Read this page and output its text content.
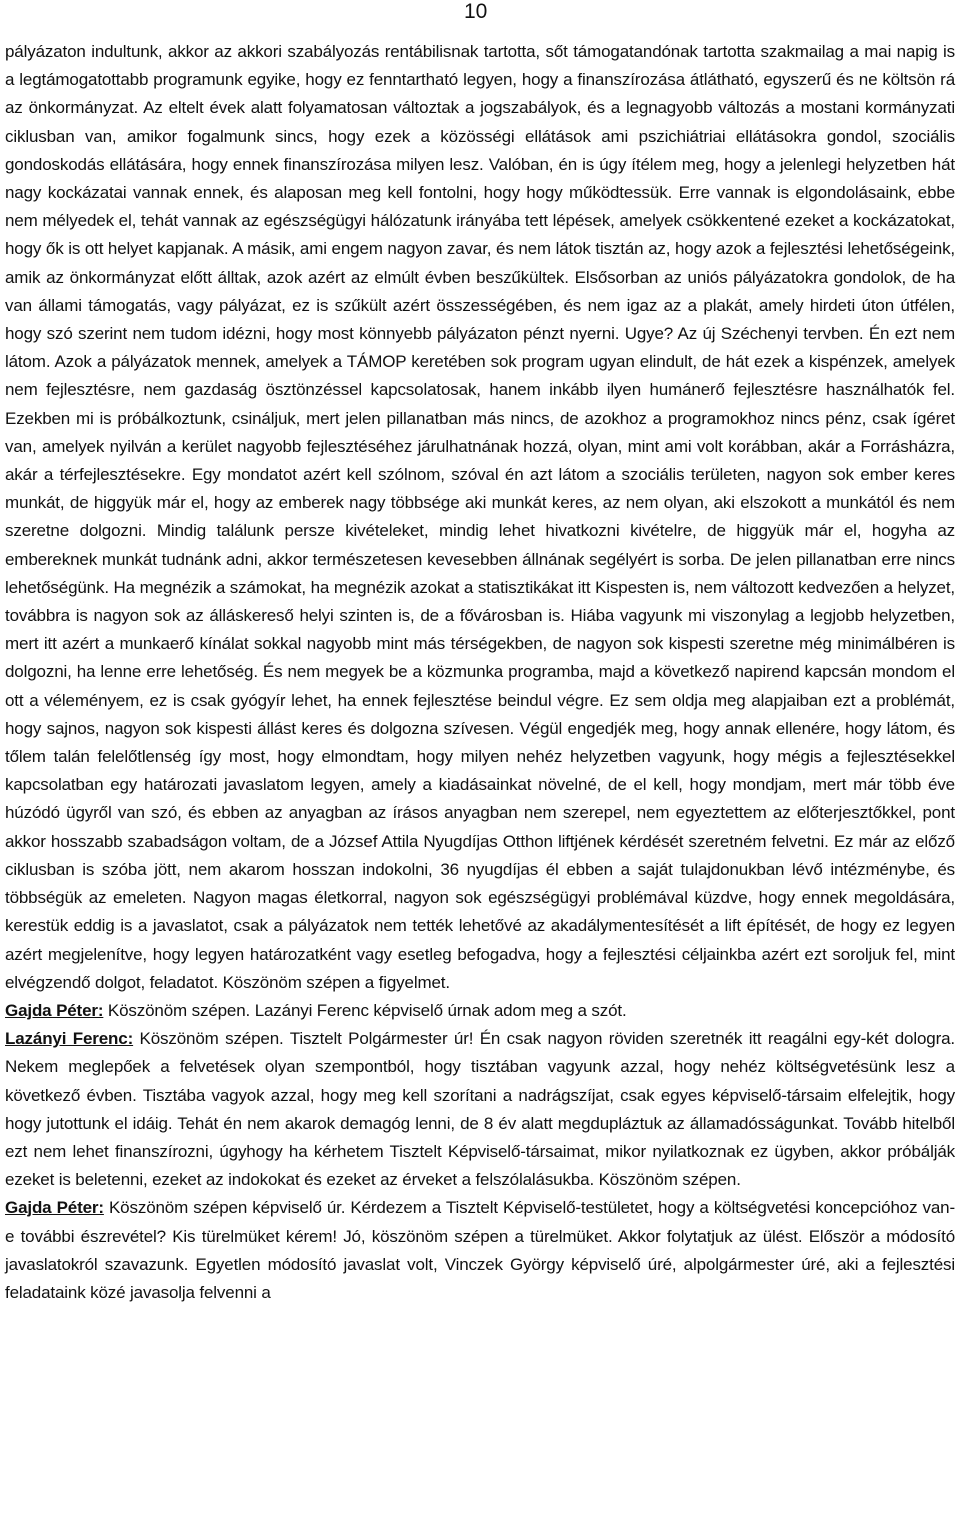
10

pályázaton indultunk, akkor az akkori szabályozás rentábilisnak tartotta, sőt támogatandónak tartotta szakmailag a mai napig is a legtámogatottabb programunk egyike, hogy ez fenntartható legyen, hogy a finanszírozása átlátható, egyszerű és ne költsön rá az önkormányzat. Az eltelt évek alatt folyamatosan változtak a jogszabályok, és a legnagyobb változás a mostani kormányzati ciklusban van, amikor fogalmunk sincs, hogy ezek a közösségi ellátások ami pszichiátriai ellátásokra gondol, szociális gondoskodás ellátására, hogy ennek finanszírozása milyen lesz. Valóban, én is úgy ítélem meg, hogy a jelenlegi helyzetben hát nagy kockázatai vannak ennek, és alaposan meg kell fontolni, hogy hogy működtessük. Erre vannak is elgondolásaink, ebbe nem mélyedek el, tehát vannak az egészségügyi hálózatunk irányába tett lépések, amelyek csökkentené ezeket a kockázatokat, hogy ők is ott helyet kapjanak. A másik, ami engem nagyon zavar, és nem látok tisztán az, hogy azok a fejlesztési lehetőségeink, amik az önkormányzat előtt álltak, azok azért az elmúlt évben beszűkültek. Elsősorban az uniós pályázatokra gondolok, de ha van állami támogatás, vagy pályázat, ez is szűkült azért összességében, és nem igaz az a plakát, amely hirdeti úton útfélen, hogy szó szerint nem tudom idézni, hogy most könnyebb pályázaton pénzt nyerni. Ugye? Az új Széchenyi tervben. Én ezt nem látom. Azok a pályázatok mennek, amelyek a TÁMOP keretében sok program ugyan elindult, de hát ezek a kispénzek, amelyek nem fejlesztésre, nem gazdaság ösztönzéssel kapcsolatosak, hanem inkább ilyen humánerő fejlesztésre használhatók fel. Ezekben mi is próbálkoztunk, csináljuk, mert jelen pillanatban más nincs, de azokhoz a programokhoz nincs pénz, csak ígéret van, amelyek nyilván a kerület nagyobb fejlesztéséhez járulhatnának hozzá, olyan, mint ami volt korábban, akár a Forrásházra, akár a térfejlesztésekre. Egy mondatot azért kell szólnom, szóval én azt látom a szociális területen, nagyon sok ember keres munkát, de higgyük már el, hogy az emberek nagy többsége aki munkát keres, az nem olyan, aki elszokott a munkától és nem szeretne dolgozni. Mindig találunk persze kivételeket, mindig lehet hivatkozni kivételre, de higgyük már el, hogyha az embereknek munkát tudnánk adni, akkor természetesen kevesebben állnának segélyért is sorba. De jelen pillanatban erre nincs lehetőségünk. Ha megnézik a számokat, ha megnézik azokat a statisztikákat itt Kispesten is, nem változott kedvezően a helyzet, továbbra is nagyon sok az álláskereső helyi szinten is, de a fővárosban is. Hiába vagyunk mi viszonylag a legjobb helyzetben, mert itt azért a munkaerő kínálat sokkal nagyobb mint más térségekben, de nagyon sok kispesti szeretne még minimálbéren is dolgozni, ha lenne erre lehetőség. És nem megyek be a közmunka programba, majd a következő napirend kapcsán mondom el ott a véleményem, ez is csak gyógyír lehet, ha ennek fejlesztése beindul végre. Ez sem oldja meg alapjaiban ezt a problémát, hogy sajnos, nagyon sok kispesti állást keres és dolgozna szívesen. Végül engedjék meg, hogy annak ellenére, hogy látom, és tőlem talán felelőtlenség így most, hogy elmondtam, hogy milyen nehéz helyzetben vagyunk, hogy mégis a fejlesztésekkel kapcsolatban egy határozati javaslatom legyen, amely a kiadásainkat növelné, de el kell, hogy mondjam, mert már több éve húzódó ügyről van szó, és ebben az anyagban az írásos anyagban nem szerepel, nem egyeztettem az előterjesztőkkel, pont akkor hosszabb szabadságon voltam, de a József Attila Nyugdíjas Otthon liftjének kérdését szeretném felvetni. Ez már az előző ciklusban is szóba jött, nem akarom hosszan indokolni, 36 nyugdíjas él ebben a saját tulajdonukban lévő intézménybe, és többségük az emeleten. Nagyon magas életkorral, nagyon sok egészségügyi problémával küzdve, hogy ennek megoldására, kerestük eddig is a javaslatot, csak a pályázatok nem tették lehetővé az akadálymentesítését a lift építését, de hogy ez legyen azért megjelenítve, hogy legyen határozatként vagy esetleg befogadva, hogy a fejlesztési céljainkba azért ezt soroljuk fel, mint elvégzendő dolgot, feladatot. Köszönöm szépen a figyelmet.

Gajda Péter: Köszönöm szépen. Lazányi Ferenc képviselő úrnak adom meg a szót.

Lazányi Ferenc: Köszönöm szépen. Tisztelt Polgármester úr! Én csak nagyon röviden szeretnék itt reagálni egy-két dologra. Nekem meglepőek a felvetések olyan szempontból, hogy tisztában vagyunk azzal, hogy nehéz költségvetésünk lesz a következő évben. Tisztába vagyok azzal, hogy meg kell szorítani a nadrágszíjat, csak egyes képviselő-társaim elfelejtik, hogy hogy jutottunk el idáig. Tehát én nem akarok demagóg lenni, de 8 év alatt megdupláztuk az államadósságunkat. Tovább hitelből ezt nem lehet finanszírozni, úgyhogy ha kérhetem Tisztelt Képviselő-társaimat, mikor nyilatkoznak ez ügyben, akkor próbálják ezeket is beletenni, ezeket az indokokat és ezeket az érveket a felszólalásukba. Köszönöm szépen.

Gajda Péter: Köszönöm szépen képviselő úr. Kérdezem a Tisztelt Képviselő-testületet, hogy a költségvetési koncepcióhoz van-e további észrevétel? Kis türelmüket kérem! Jó, köszönöm szépen a türelmüket. Akkor folytatjuk az ülést. Először a módosító javaslatokról szavazunk. Egyetlen módosító javaslat volt, Vinczek György képviselő úré, alpolgármester úré, aki a fejlesztési feladataink közé javasolja felvenni a
